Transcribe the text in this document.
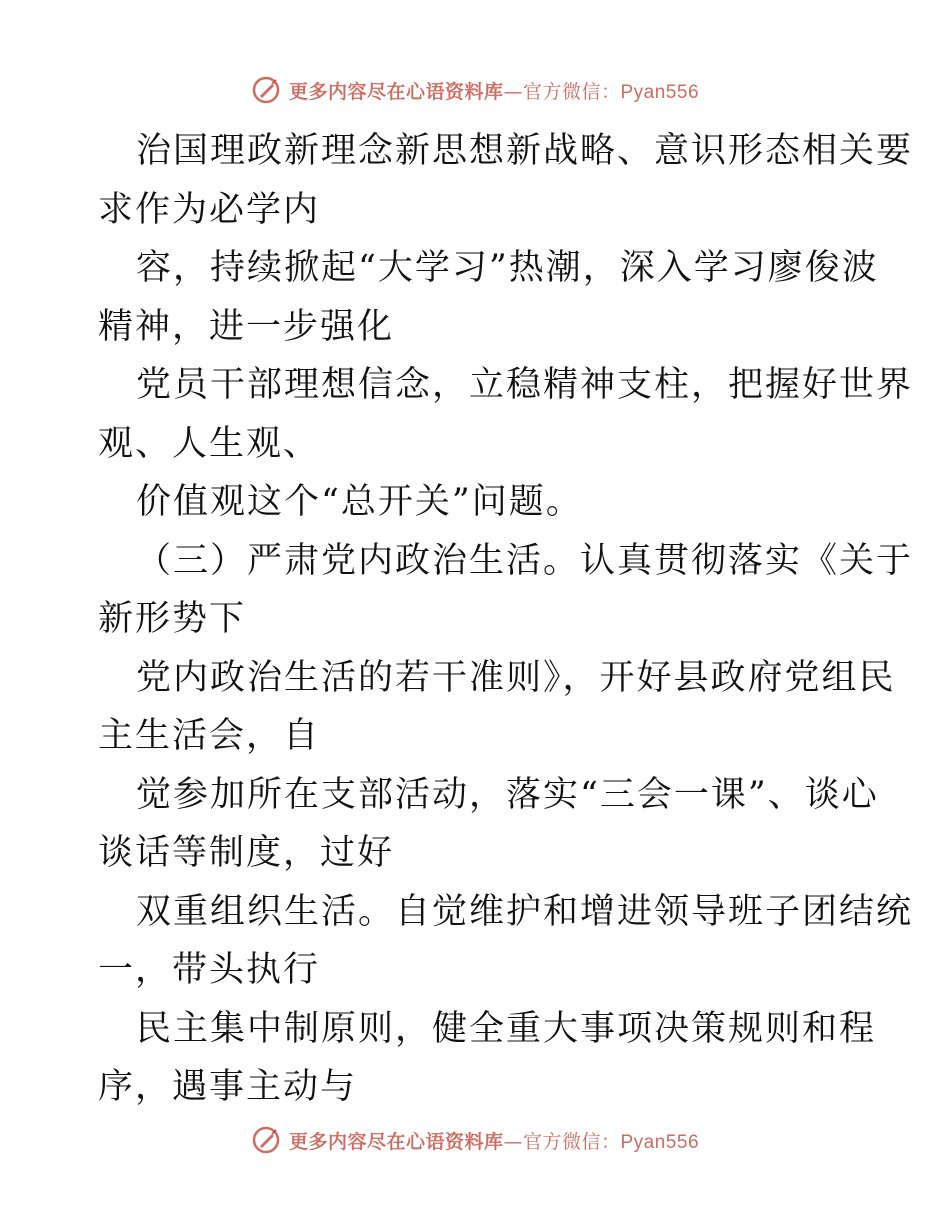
更多内容尽在心语资料库—官方微信：Pyan556
治国理政新理念新思想新战略、意识形态相关要
求作为必学内
容，持续掀起“大学习”热潮，深入学习廖俊波
精神，进一步强化
党员干部理想信念，立稳精神支柱，把握好世界
观、人生观、
价值观这个“总开关”问题。
（三）严肃党内政治生活。认真贯彻落实《关于
新形势下
党内政治生活的若干准则》，开好县政府党组民
主生活会，自
觉参加所在支部活动，落实“三会一课”、谈心
谈话等制度，过好
双重组织生活。自觉维护和增进领导班子团结统
一，带头执行
民主集中制原则，健全重大事项决策规则和程
序，遇事主动与
更多内容尽在心语资料库—官方微信：Pyan556
